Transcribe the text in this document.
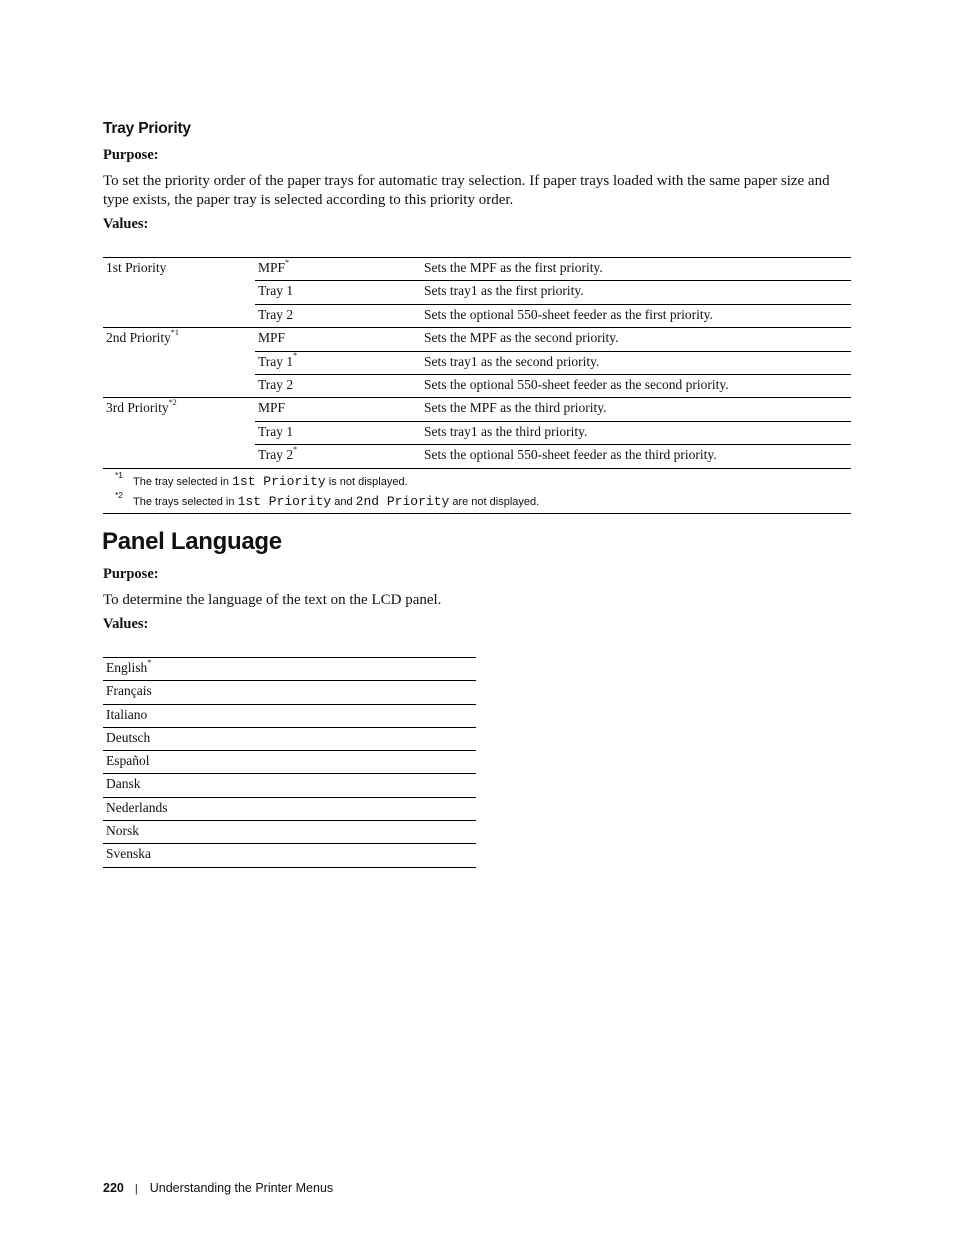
Tray Priority

Purpose:

To set the priority order of the paper trays for automatic tray selection. If paper trays loaded with the same paper size and type exists, the paper tray is selected according to this priority order.

Values:

1st Priority	MPF*	Sets the MPF as the first priority.
	Tray 1	Sets tray1 as the first priority.
	Tray 2	Sets the optional 550-sheet feeder as the first priority.
2nd Priority$^{*1}$	MPF	Sets the MPF as the second priority.
	Tray 1*	Sets tray1 as the second priority.
	Tray 2	Sets the optional 550-sheet feeder as the second priority.
3rd Priority$^{*2}$	MPF	Sets the MPF as the third priority.
	Tray 1	Sets tray1 as the third priority.
	Tray 2*	Sets the optional 550-sheet feeder as the third priority.
*1
The tray selected in 1st Priority is not displayed.
*2
The trays selected in 1st Priority and 2nd Priority are not displayed.
Panel Language

Purpose:

To determine the language of the text on the LCD panel.

Values:

English*
Français
Italiano
Deutsch
Español
Dansk
Nederlands
Norsk
Svenska
220 | Understanding the Printer Menus
